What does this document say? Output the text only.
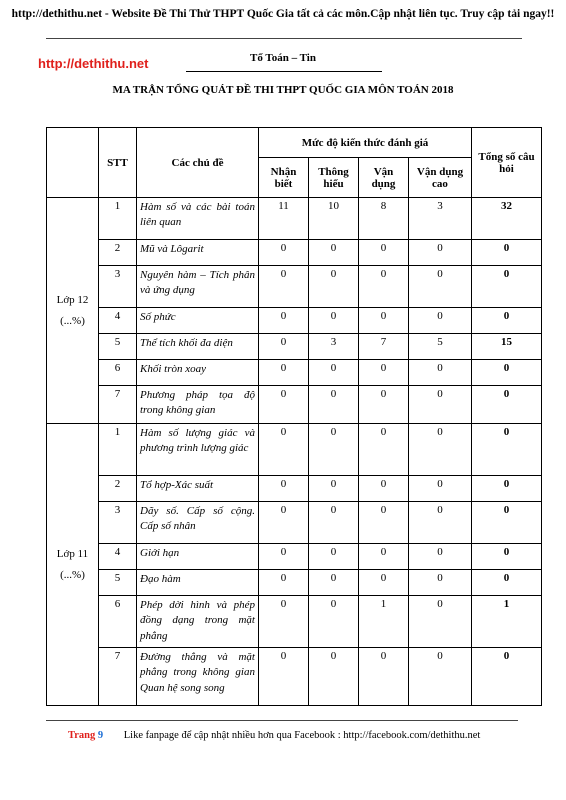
http://dethithu.net - Website Đề Thi Thử THPT Quốc Gia tất cả các môn.Cập nhật liên tục. Truy cập tải ngay!!
http://dethithu.net	Tổ Toán – Tin
MA TRẬN TỔNG QUÁT ĐỀ THI THPT QUỐC GIA MÔN TOÁN 2018
	STT	Các chủ đề	Mức độ kiến thức đánh giá				Tổng số câu hỏi
			Nhận biết	Thông hiểu	Vận dụng	Vận dụng cao	
Lớp 12
(...%)	1	Hàm số và các bài toán liên quan	11	10	8	3	32
	2	Mũ và Lôgarit	0	0	0	0	0
	3	Nguyên hàm – Tích phân và ứng dụng	0	0	0	0	0
	4	Số phức	0	0	0	0	0
	5	Thể tích khối đa diện	0	3	7	5	15
	6	Khối tròn xoay	0	0	0	0	0
	7	Phương pháp tọa độ trong không gian	0	0	0	0	0
Lớp 11
(...%)	1	Hàm số lượng giác và phương trình lượng giác	0	0	0	0	0
	2	Tổ hợp-Xác suất	0	0	0	0	0
	3	Dãy số. Cấp số cộng. Cấp số nhân	0	0	0	0	0
	4	Giới hạn	0	0	0	0	0
	5	Đạo hàm	0	0	0	0	0
	6	Phép dời hình và phép đồng dạng trong mặt phẳng	0	0	1	0	1
	7	Đường thẳng và mặt phẳng trong không gian Quan hệ song song	0	0	0	0	0
Trang 9 Like fanpage để cập nhật nhiều hơn qua Facebook : http://facebook.com/dethithu.net
